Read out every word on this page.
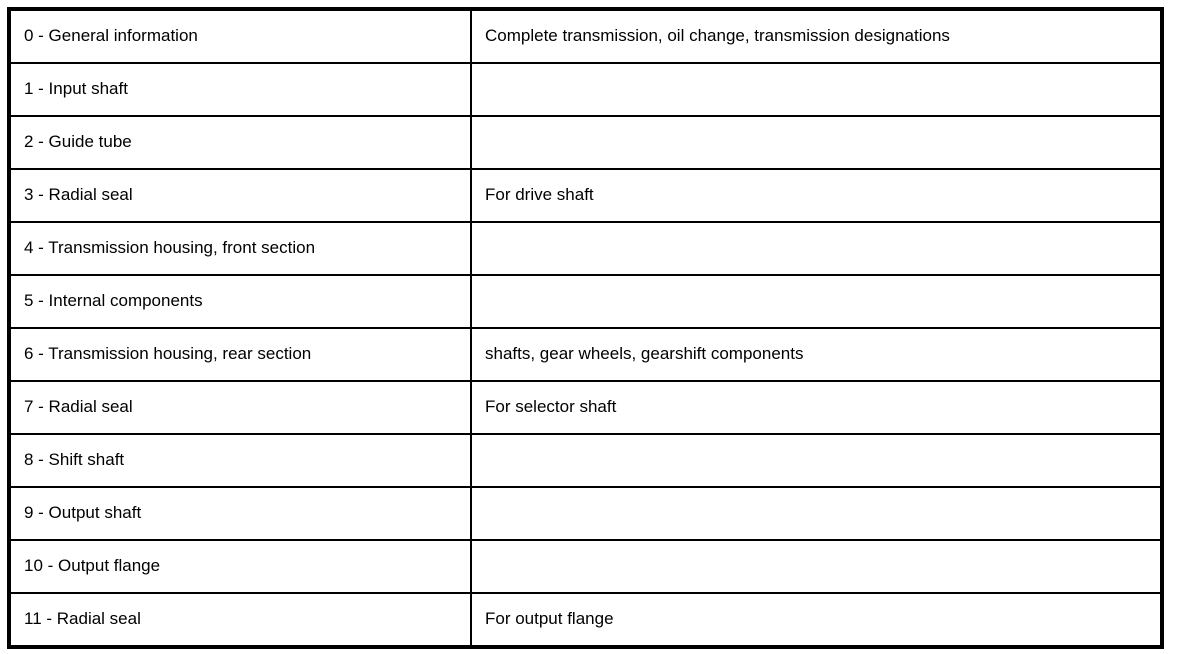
0 - General information	Complete transmission, oil change, transmission designations
1 - Input shaft	
2 - Guide tube	
3 - Radial seal	For drive shaft
4 - Transmission housing, front section	
5 - Internal components	
6 - Transmission housing, rear section	shafts, gear wheels, gearshift components
7 - Radial seal	For selector shaft
8 - Shift shaft	
9 - Output shaft	
10 - Output flange	
11 - Radial seal	For output flange
